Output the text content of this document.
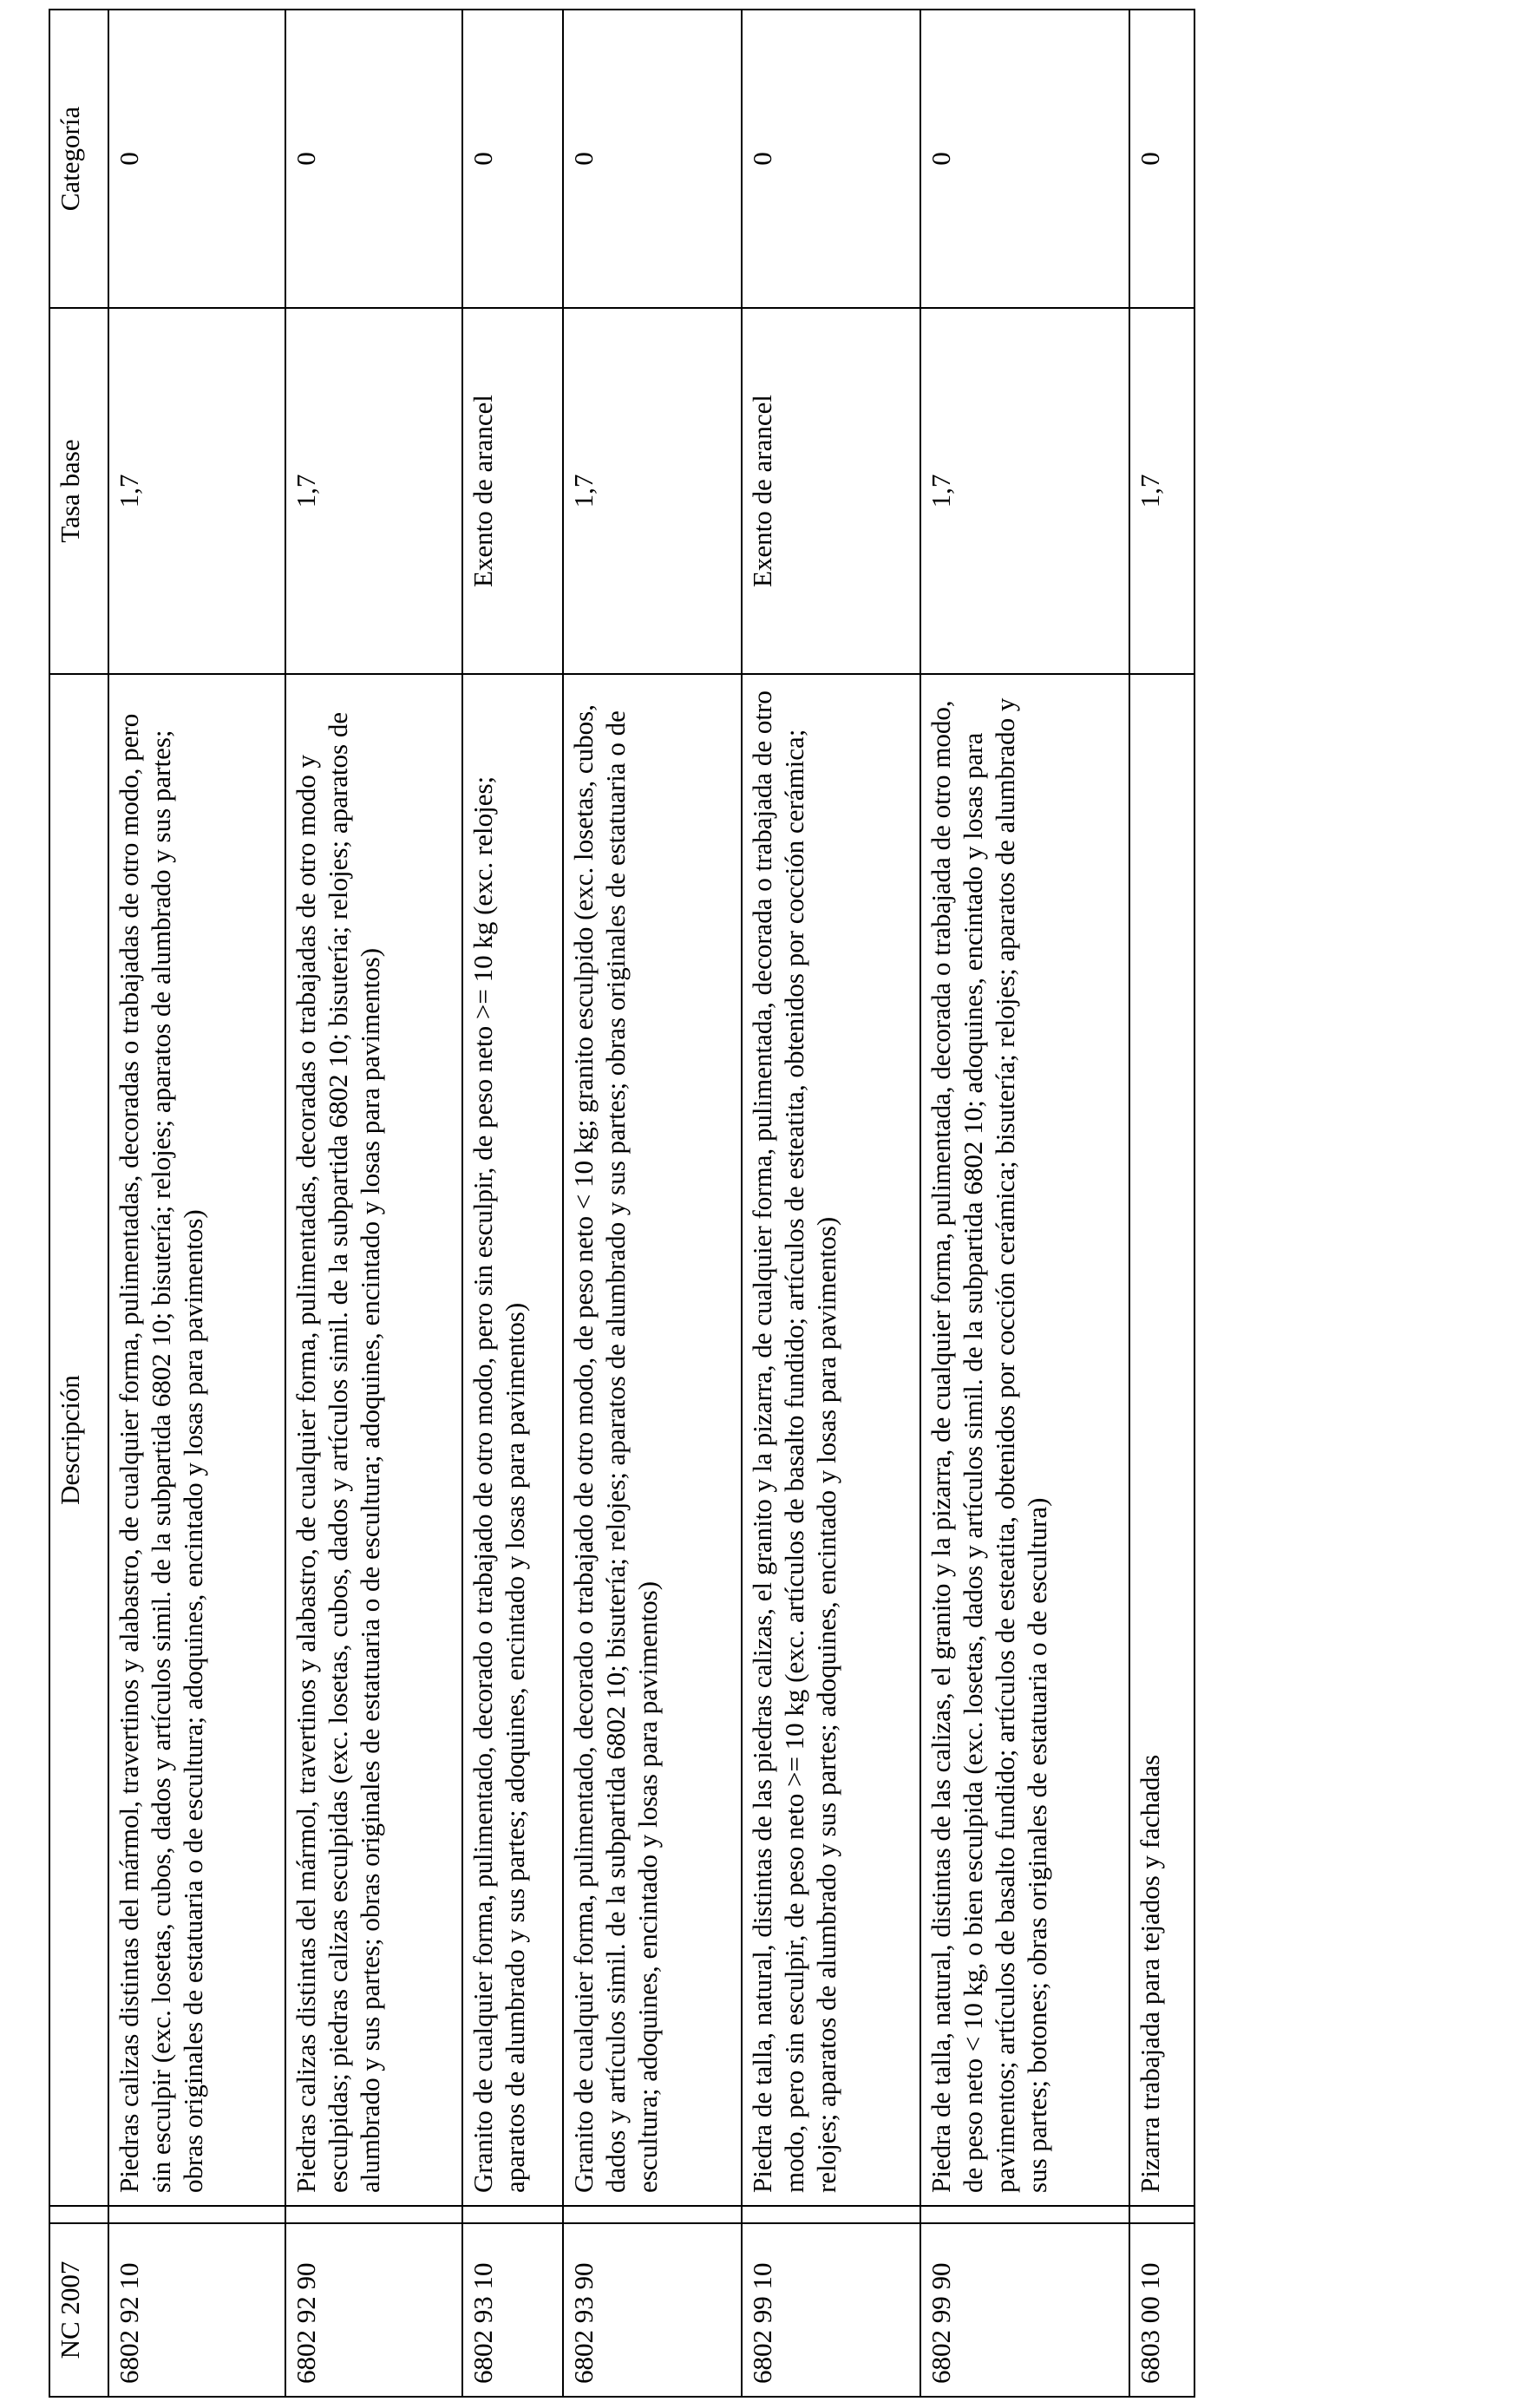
NC 2007		Descripción	Tasa base	Categoría
6802 92 10		Piedras calizas distintas del mármol, travertinos y alabastro, de cualquier forma, pulimentadas, decoradas o trabajadas de otro modo, pero sin esculpir (exc. losetas, cubos, dados y artículos simil. de la subpartida 6802 10; bisutería; relojes; aparatos de alumbrado y sus partes; obras originales de estatuaria o de escultura; adoquines, encintado y losas para pavimentos)	1,7	0
6802 92 90		Piedras calizas distintas del mármol, travertinos y alabastro, de cualquier forma, pulimentadas, decoradas o trabajadas de otro modo y esculpidas; piedras calizas esculpidas (exc. losetas, cubos, dados y artículos simil. de la subpartida 6802 10; bisutería; relojes; aparatos de alumbrado y sus partes; obras originales de estatuaria o de escultura; adoquines, encintado y losas para pavimentos)	1,7	0
6802 93 10		Granito de cualquier forma, pulimentado, decorado o trabajado de otro modo, pero sin esculpir, de peso neto >= 10 kg (exc. relojes; aparatos de alumbrado y sus partes; adoquines, encintado y losas para pavimentos)	Exento de arancel	0
6802 93 90		Granito de cualquier forma, pulimentado, decorado o trabajado de otro modo, de peso neto < 10 kg; granito esculpido (exc. losetas, cubos, dados y artículos simil. de la subpartida 6802 10; bisutería; relojes; aparatos de alumbrado y sus partes; obras originales de estatuaria o de escultura; adoquines, encintado y losas para pavimentos)	1,7	0
6802 99 10		Piedra de talla, natural, distintas de las piedras calizas, el granito y la pizarra, de cualquier forma, pulimentada, decorada o trabajada de otro modo, pero sin esculpir, de peso neto >= 10 kg (exc. artículos de basalto fundido; artículos de esteatita, obtenidos por cocción cerámica; relojes; aparatos de alumbrado y sus partes; adoquines, encintado y losas para pavimentos)	Exento de arancel	0
6802 99 90		Piedra de talla, natural, distintas de las calizas, el granito y la pizarra, de cualquier forma, pulimentada, decorada o trabajada de otro modo, de peso neto < 10 kg, o bien esculpida (exc. losetas, dados y artículos simil. de la subpartida 6802 10; adoquines, encintado y losas para pavimentos; artículos de basalto fundido; artículos de esteatita, obtenidos por cocción cerámica; bisutería; relojes; aparatos de alumbrado y sus partes; botones; obras originales de estatuaria o de escultura)	1,7	0
6803 00 10		Pizarra trabajada para tejados y fachadas	1,7	0
